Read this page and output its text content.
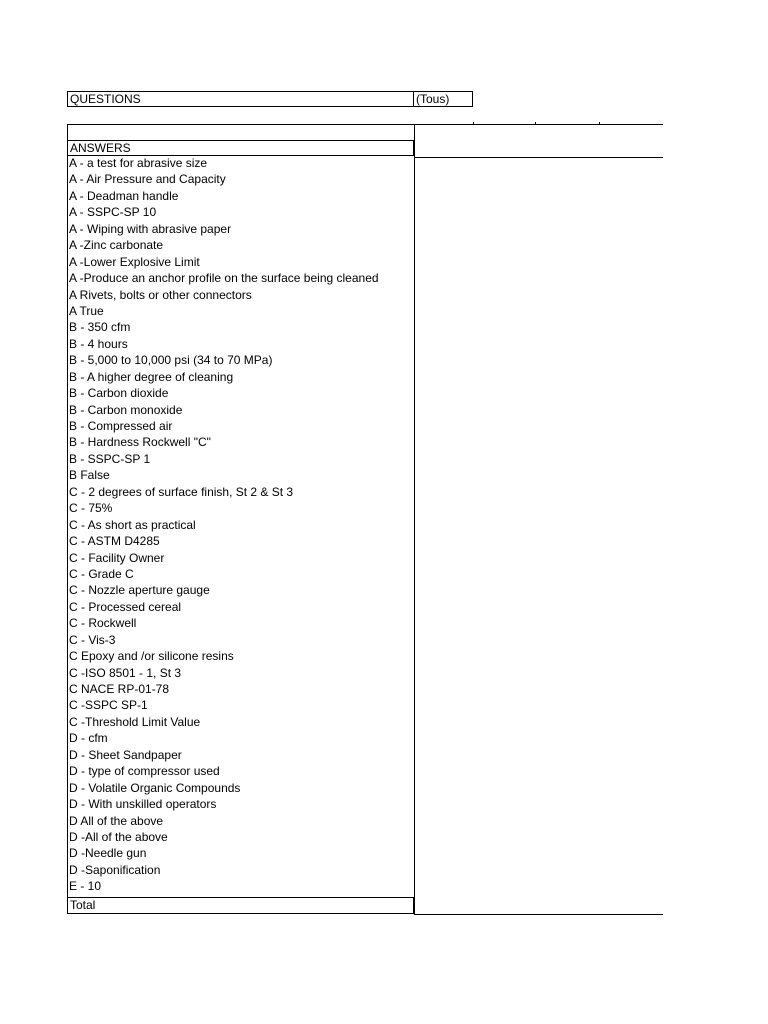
QUESTIONS	(Tous)
ANSWERS
A - a test for abrasive size
A - Air Pressure and Capacity
A - Deadman handle
A - SSPC-SP 10
A - Wiping with abrasive paper
A -Zinc carbonate
A -Lower Explosive Limit
A -Produce an anchor profile on the surface being cleaned
A Rivets, bolts or other connectors
A True
B - 350 cfm
B - 4 hours
B - 5,000 to 10,000 psi (34 to 70 MPa)
B - A higher degree of cleaning
B - Carbon dioxide
B - Carbon monoxide
B - Compressed air
B - Hardness Rockwell "C"
B - SSPC-SP 1
B False
C - 2 degrees of surface finish, St 2 & St 3
C - 75%
C - As short as practical
C - ASTM D4285
C - Facility Owner
C - Grade C
C - Nozzle aperture gauge
C - Processed cereal
C - Rockwell
C - Vis-3
C Epoxy and /or silicone resins
C -ISO 8501 - 1, St 3
C NACE RP-01-78
C -SSPC SP-1
C -Threshold Limit Value
D - cfm
D - Sheet Sandpaper
D - type of compressor used
D - Volatile Organic Compounds
D - With unskilled operators
D All of the above
D -All of the above
D -Needle gun
D -Saponification
E - 10
Total
